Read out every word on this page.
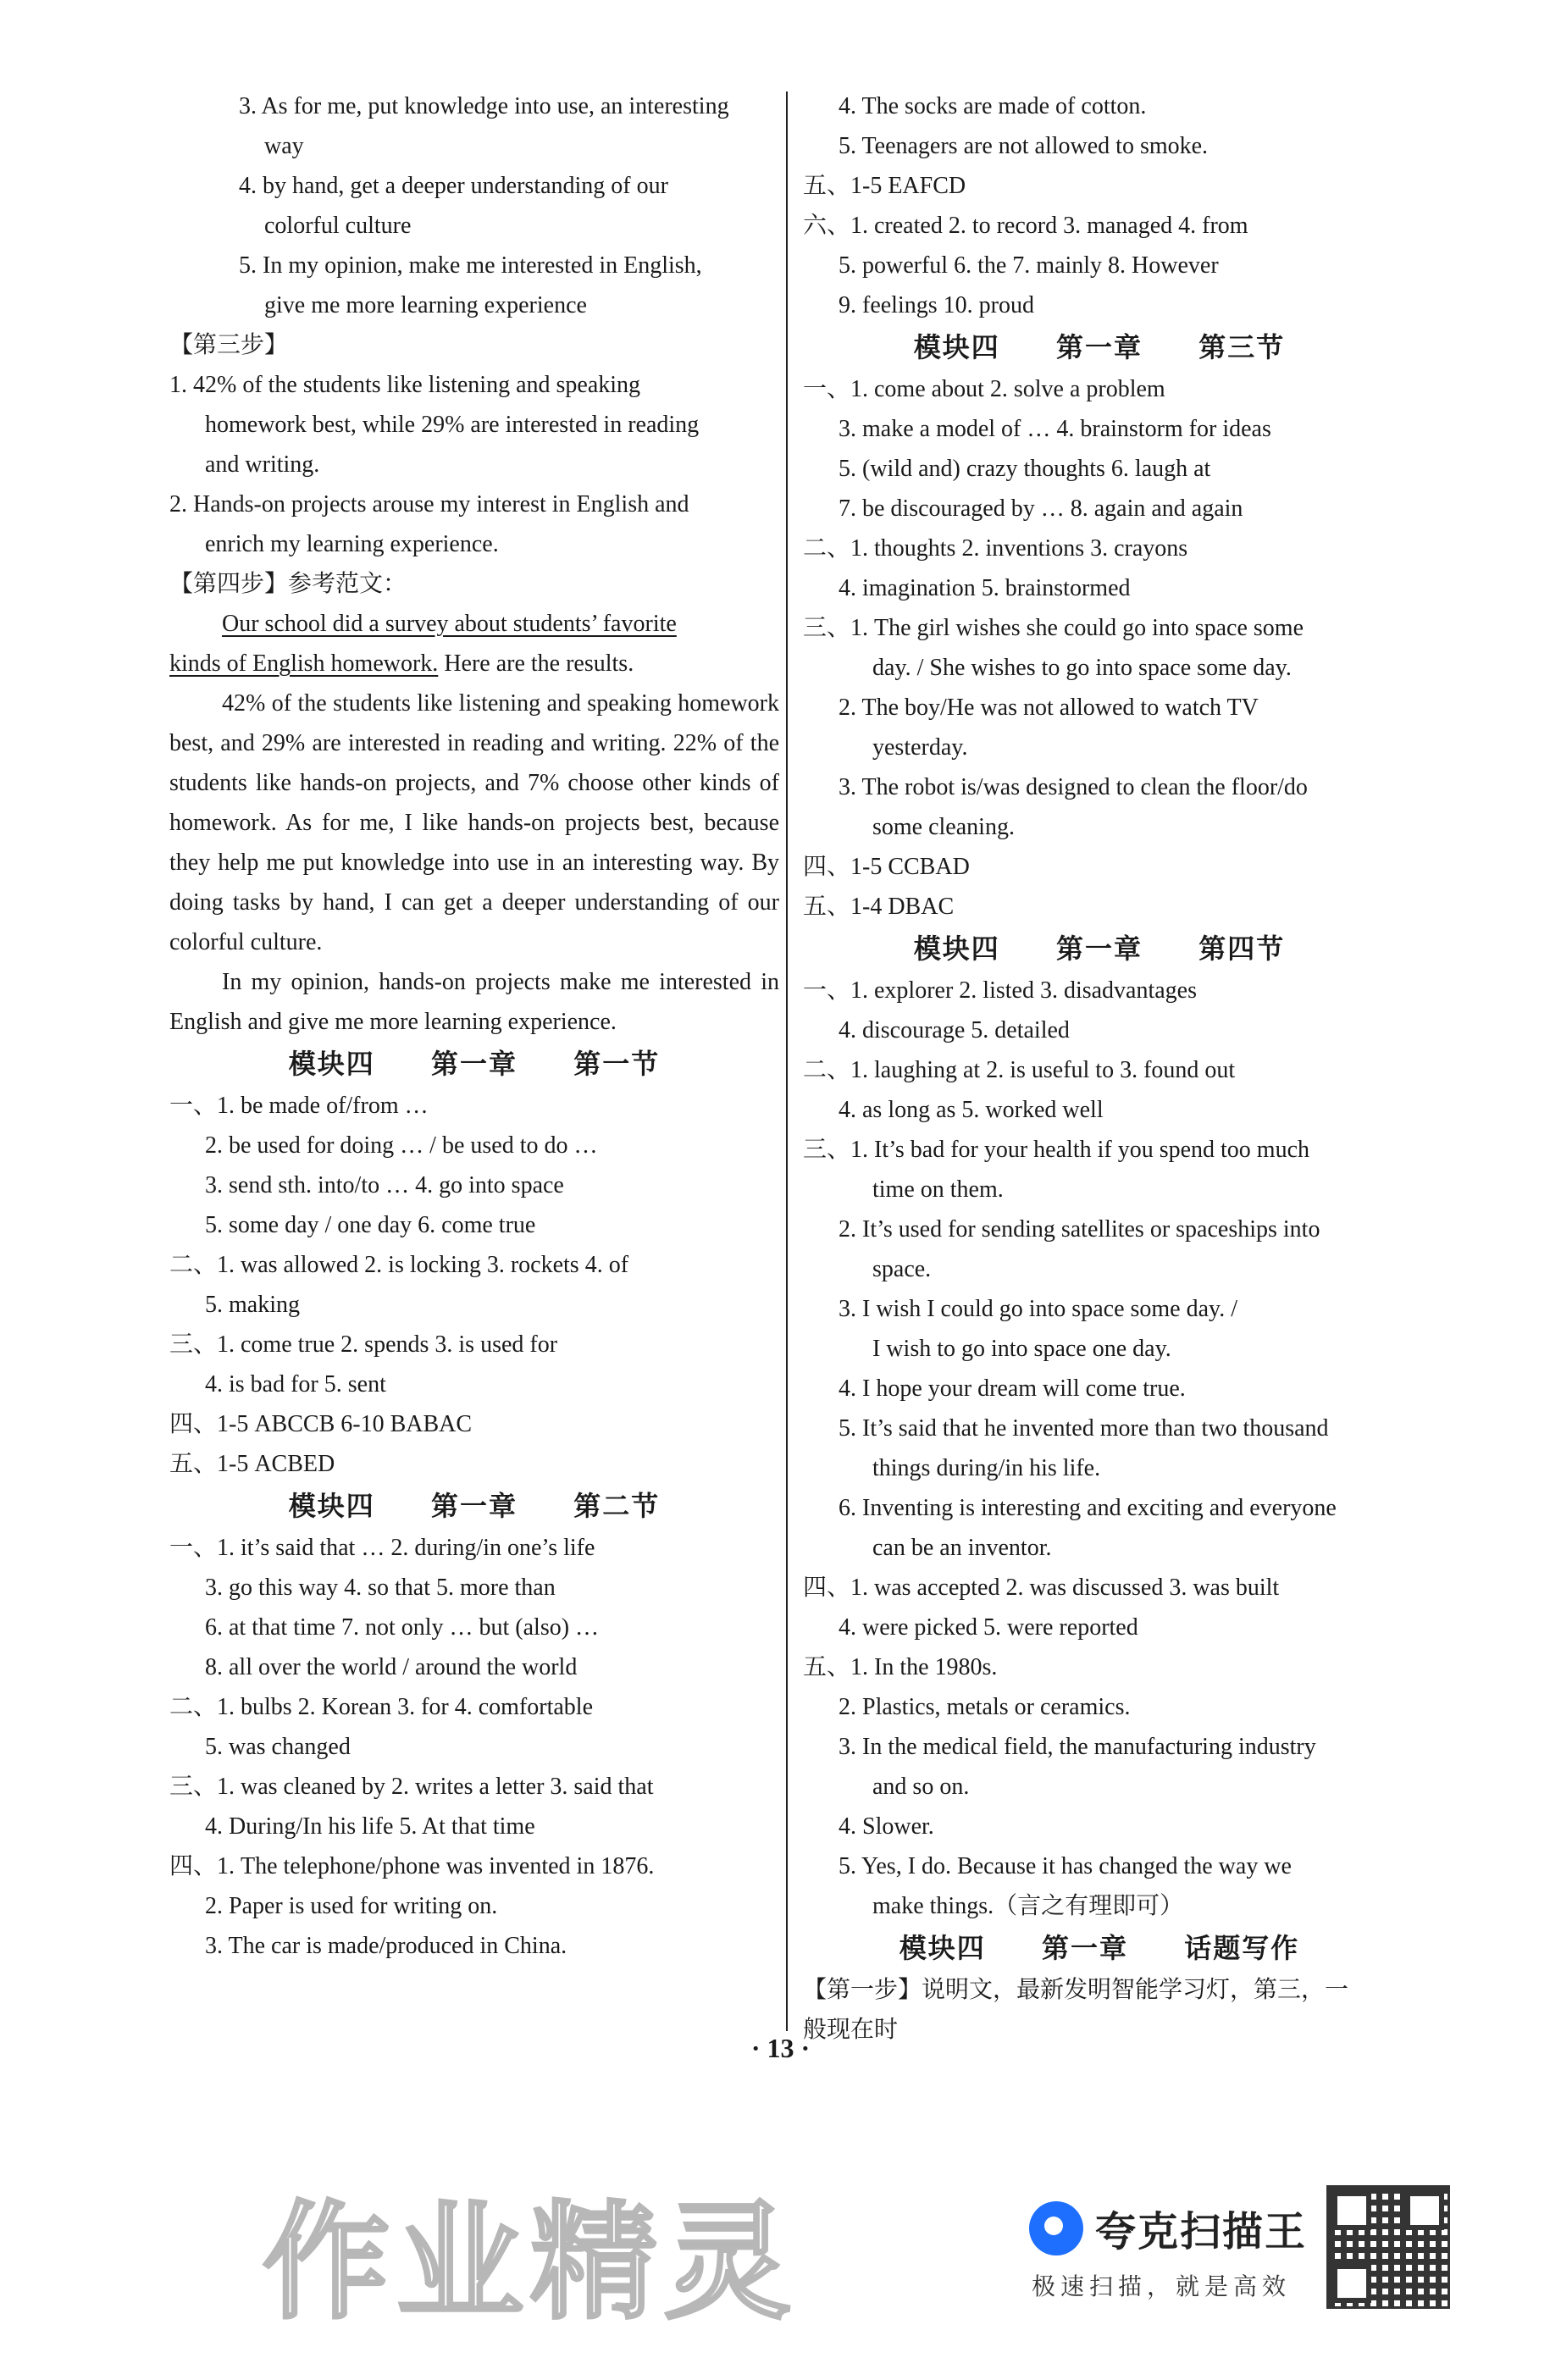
3. As for me, put knowledge into use, an interesting
way
4. by hand, get a deeper understanding of our
colorful culture
5. In my opinion, make me interested in English,
give me more learning experience
【第三步】
1. 42% of the students like listening and speaking
homework best, while 29% are interested in reading
and writing.
2. Hands-on projects arouse my interest in English and
enrich my learning experience.
【第四步】参考范文：
Our school did a survey about students’ favorite
kinds of English homework. Here are the results.
42% of the students like listening and speaking homework best, and 29% are interested in reading and writing. 22% of the students like hands-on projects, and 7% choose other kinds of homework. As for me, I like hands-on projects best, because they help me put knowledge into use in an interesting way. By doing tasks by hand, I can get a deeper understanding of our colorful culture.
In my opinion, hands-on projects make me interested in English and give me more learning experience.
模块四  第一章  第一节
一、1. be made of/from …
2. be used for doing … / be used to do …
3. send sth. into/to … 4. go into space
5. some day / one day 6. come true
二、1. was allowed 2. is locking 3. rockets 4. of
5. making
三、1. come true 2. spends 3. is used for
4. is bad for 5. sent
四、1-5 ABCCB 6-10 BABAC
五、1-5 ACBED
模块四  第一章  第二节
一、1. it’s said that … 2. during/in one’s life
3. go this way 4. so that 5. more than
6. at that time 7. not only … but (also) …
8. all over the world / around the world
二、1. bulbs 2. Korean 3. for 4. comfortable
5. was changed
三、1. was cleaned by 2. writes a letter 3. said that
4. During/In his life 5. At that time
四、1. The telephone/phone was invented in 1876.
2. Paper is used for writing on.
3. The car is made/produced in China.
4. The socks are made of cotton.
5. Teenagers are not allowed to smoke.
五、1-5 EAFCD
六、1. created 2. to record 3. managed 4. from
5. powerful 6. the 7. mainly 8. However
9. feelings 10. proud
模块四  第一章  第三节
一、1. come about 2. solve a problem
3. make a model of … 4. brainstorm for ideas
5. (wild and) crazy thoughts 6. laugh at
7. be discouraged by … 8. again and again
二、1. thoughts 2. inventions 3. crayons
4. imagination 5. brainstormed
三、1. The girl wishes she could go into space some
day. / She wishes to go into space some day.
2. The boy/He was not allowed to watch TV
yesterday.
3. The robot is/was designed to clean the floor/do
some cleaning.
四、1-5 CCBAD
五、1-4 DBAC
模块四  第一章  第四节
一、1. explorer 2. listed 3. disadvantages
4. discourage 5. detailed
二、1. laughing at 2. is useful to 3. found out
4. as long as 5. worked well
三、1. It’s bad for your health if you spend too much
time on them.
2. It’s used for sending satellites or spaceships into
space.
3. I wish I could go into space some day. /
I wish to go into space one day.
4. I hope your dream will come true.
5. It’s said that he invented more than two thousand
things during/in his life.
6. Inventing is interesting and exciting and everyone
can be an inventor.
四、1. was accepted 2. was discussed 3. was built
4. were picked 5. were reported
五、1. In the 1980s.
2. Plastics, metals or ceramics.
3. In the medical field, the manufacturing industry
and so on.
4. Slower.
5. Yes, I do. Because it has changed the way we
make things.（言之有理即可）
模块四  第一章  话题写作
【第一步】说明文，最新发明智能学习灯，第三，一
般现在时
· 13 ·
作业精灵	夸克扫描王
极速扫描，就是高效
